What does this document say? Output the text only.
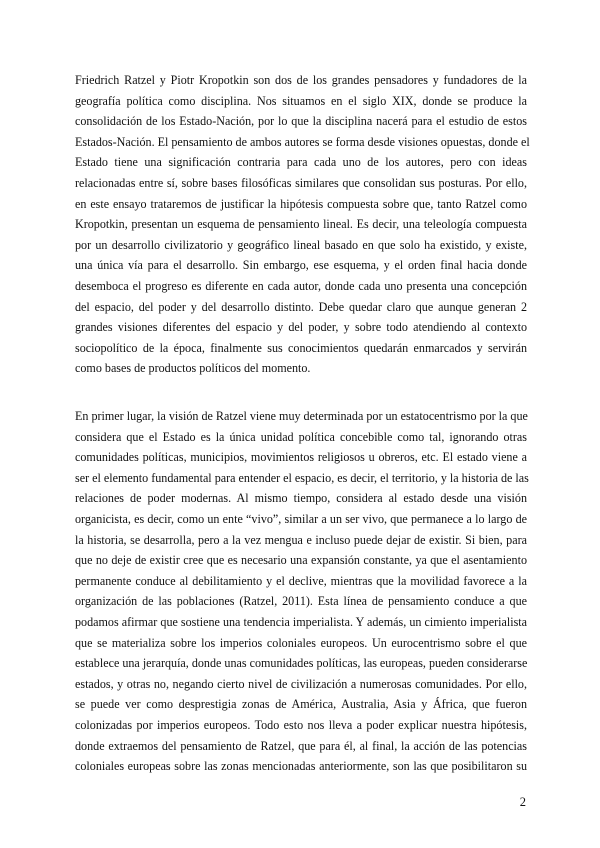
Friedrich Ratzel y Piotr Kropotkin son dos de los grandes pensadores y fundadores de la
geografía política como disciplina. Nos situamos en el siglo XIX, donde se produce la
consolidación de los Estado-Nación, por lo que la disciplina nacerá para el estudio de estos
Estados-Nación. El pensamiento de ambos autores se forma desde visiones opuestas, donde el
Estado tiene una significación contraria para cada uno de los autores, pero con ideas
relacionadas entre sí, sobre bases filosóficas similares que consolidan sus posturas. Por ello,
en este ensayo trataremos de justificar la hipótesis compuesta sobre que, tanto Ratzel como
Kropotkin, presentan un esquema de pensamiento lineal. Es decir, una teleología compuesta
por un desarrollo civilizatorio y geográfico lineal basado en que solo ha existido, y existe,
una única vía para el desarrollo. Sin embargo, ese esquema, y el orden final hacia donde
desemboca el progreso es diferente en cada autor, donde cada uno presenta una concepción
del espacio, del poder y del desarrollo distinto. Debe quedar claro que aunque generan 2
grandes visiones diferentes del espacio y del poder, y sobre todo atendiendo al contexto
sociopolítico de la época, finalmente sus conocimientos quedarán enmarcados y servirán
como bases de productos políticos del momento.
En primer lugar, la visión de Ratzel viene muy determinada por un estatocentrismo por la que
considera que el Estado es la única unidad política concebible como tal, ignorando otras
comunidades políticas, municipios, movimientos religiosos u obreros, etc. El estado viene a
ser el elemento fundamental para entender el espacio, es decir, el territorio, y la historia de las
relaciones de poder modernas. Al mismo tiempo, considera al estado desde una visión
organicista, es decir, como un ente “vivo”, similar a un ser vivo, que permanece a lo largo de
la historia, se desarrolla, pero a la vez mengua e incluso puede dejar de existir. Si bien, para
que no deje de existir cree que es necesario una expansión constante, ya que el asentamiento
permanente conduce al debilitamiento y el declive, mientras que la movilidad favorece a la
organización de las poblaciones (Ratzel, 2011). Esta línea de pensamiento conduce a que
podamos afirmar que sostiene una tendencia imperialista. Y además, un cimiento imperialista
que se materializa sobre los imperios coloniales europeos. Un eurocentrismo sobre el que
establece una jerarquía, donde unas comunidades políticas, las europeas, pueden considerarse
estados, y otras no, negando cierto nivel de civilización a numerosas comunidades. Por ello,
se puede ver como desprestigia zonas de América, Australia, Asia y África, que fueron
colonizadas por imperios europeos. Todo esto nos lleva a poder explicar nuestra hipótesis,
donde extraemos del pensamiento de Ratzel, que para él, al final, la acción de las potencias
coloniales europeas sobre las zonas mencionadas anteriormente, son las que posibilitaron su
2
